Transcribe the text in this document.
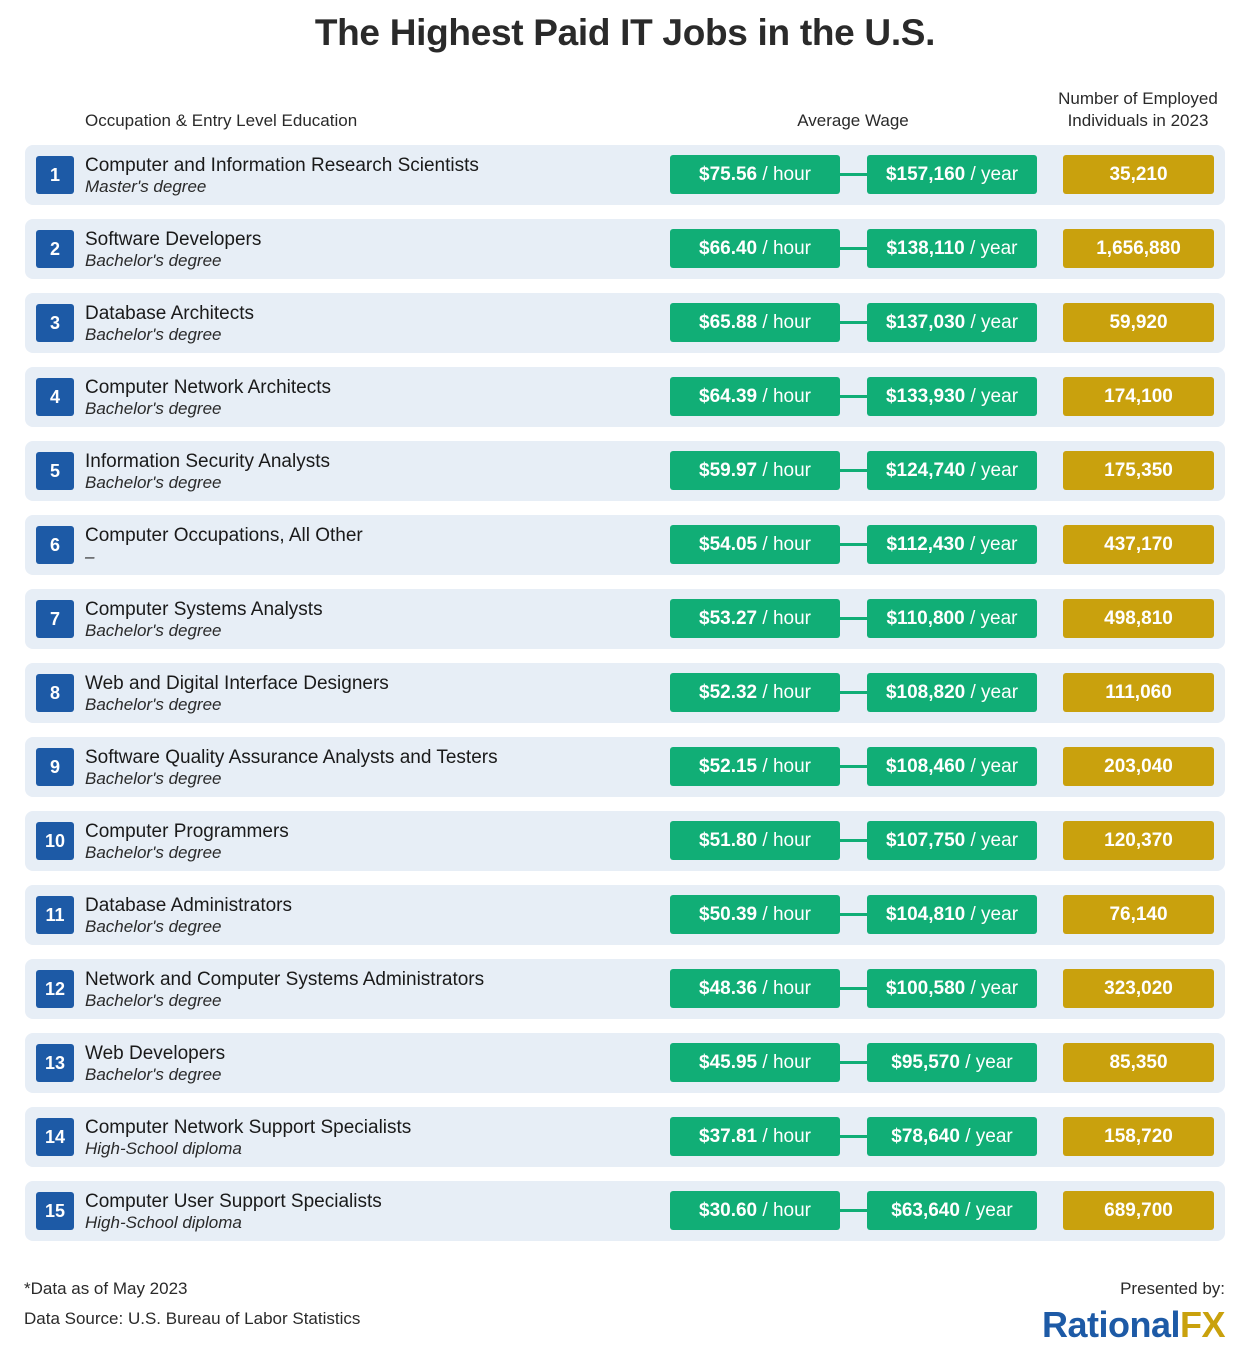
The Highest Paid IT Jobs in the U.S.
Occupation & Entry Level Education	Average Wage
Number of Employed Individuals in 2023
1	Computer and Information Research Scientists
Master's degree
$75.56 / hour	$157,160 / year	35,210
2	Software Developers
Bachelor's degree
$66.40 / hour	$138,110 / year	1,656,880
3	Database Architects
Bachelor's degree
$65.88 / hour	$137,030 / year	59,920
4	Computer Network Architects
Bachelor's degree
$64.39 / hour	$133,930 / year	174,100
5	Information Security Analysts
Bachelor's degree
$59.97 / hour	$124,740 / year	175,350
6	Computer Occupations, All Other
–
$54.05 / hour	$112,430 / year	437,170
7	Computer Systems Analysts
Bachelor's degree
$53.27 / hour	$110,800 / year	498,810
8	Web and Digital Interface Designers
Bachelor's degree
$52.32 / hour	$108,820 / year	111,060
9	Software Quality Assurance Analysts and Testers
Bachelor's degree
$52.15 / hour	$108,460 / year	203,040
10	Computer Programmers
Bachelor's degree
$51.80 / hour	$107,750 / year	120,370
11	Database Administrators
Bachelor's degree
$50.39 / hour	$104,810 / year	76,140
12	Network and Computer Systems Administrators
Bachelor's degree
$48.36 / hour	$100,580 / year	323,020
13	Web Developers
Bachelor's degree
$45.95 / hour	$95,570 / year	85,350
14	Computer Network Support Specialists
High-School diploma
$37.81 / hour	$78,640 / year	158,720
15	Computer User Support Specialists
High-School diploma
$30.60 / hour	$63,640 / year	689,700
*Data as of May 2023
Data Source: U.S. Bureau of Labor Statistics
Presented by:
RationalFX
